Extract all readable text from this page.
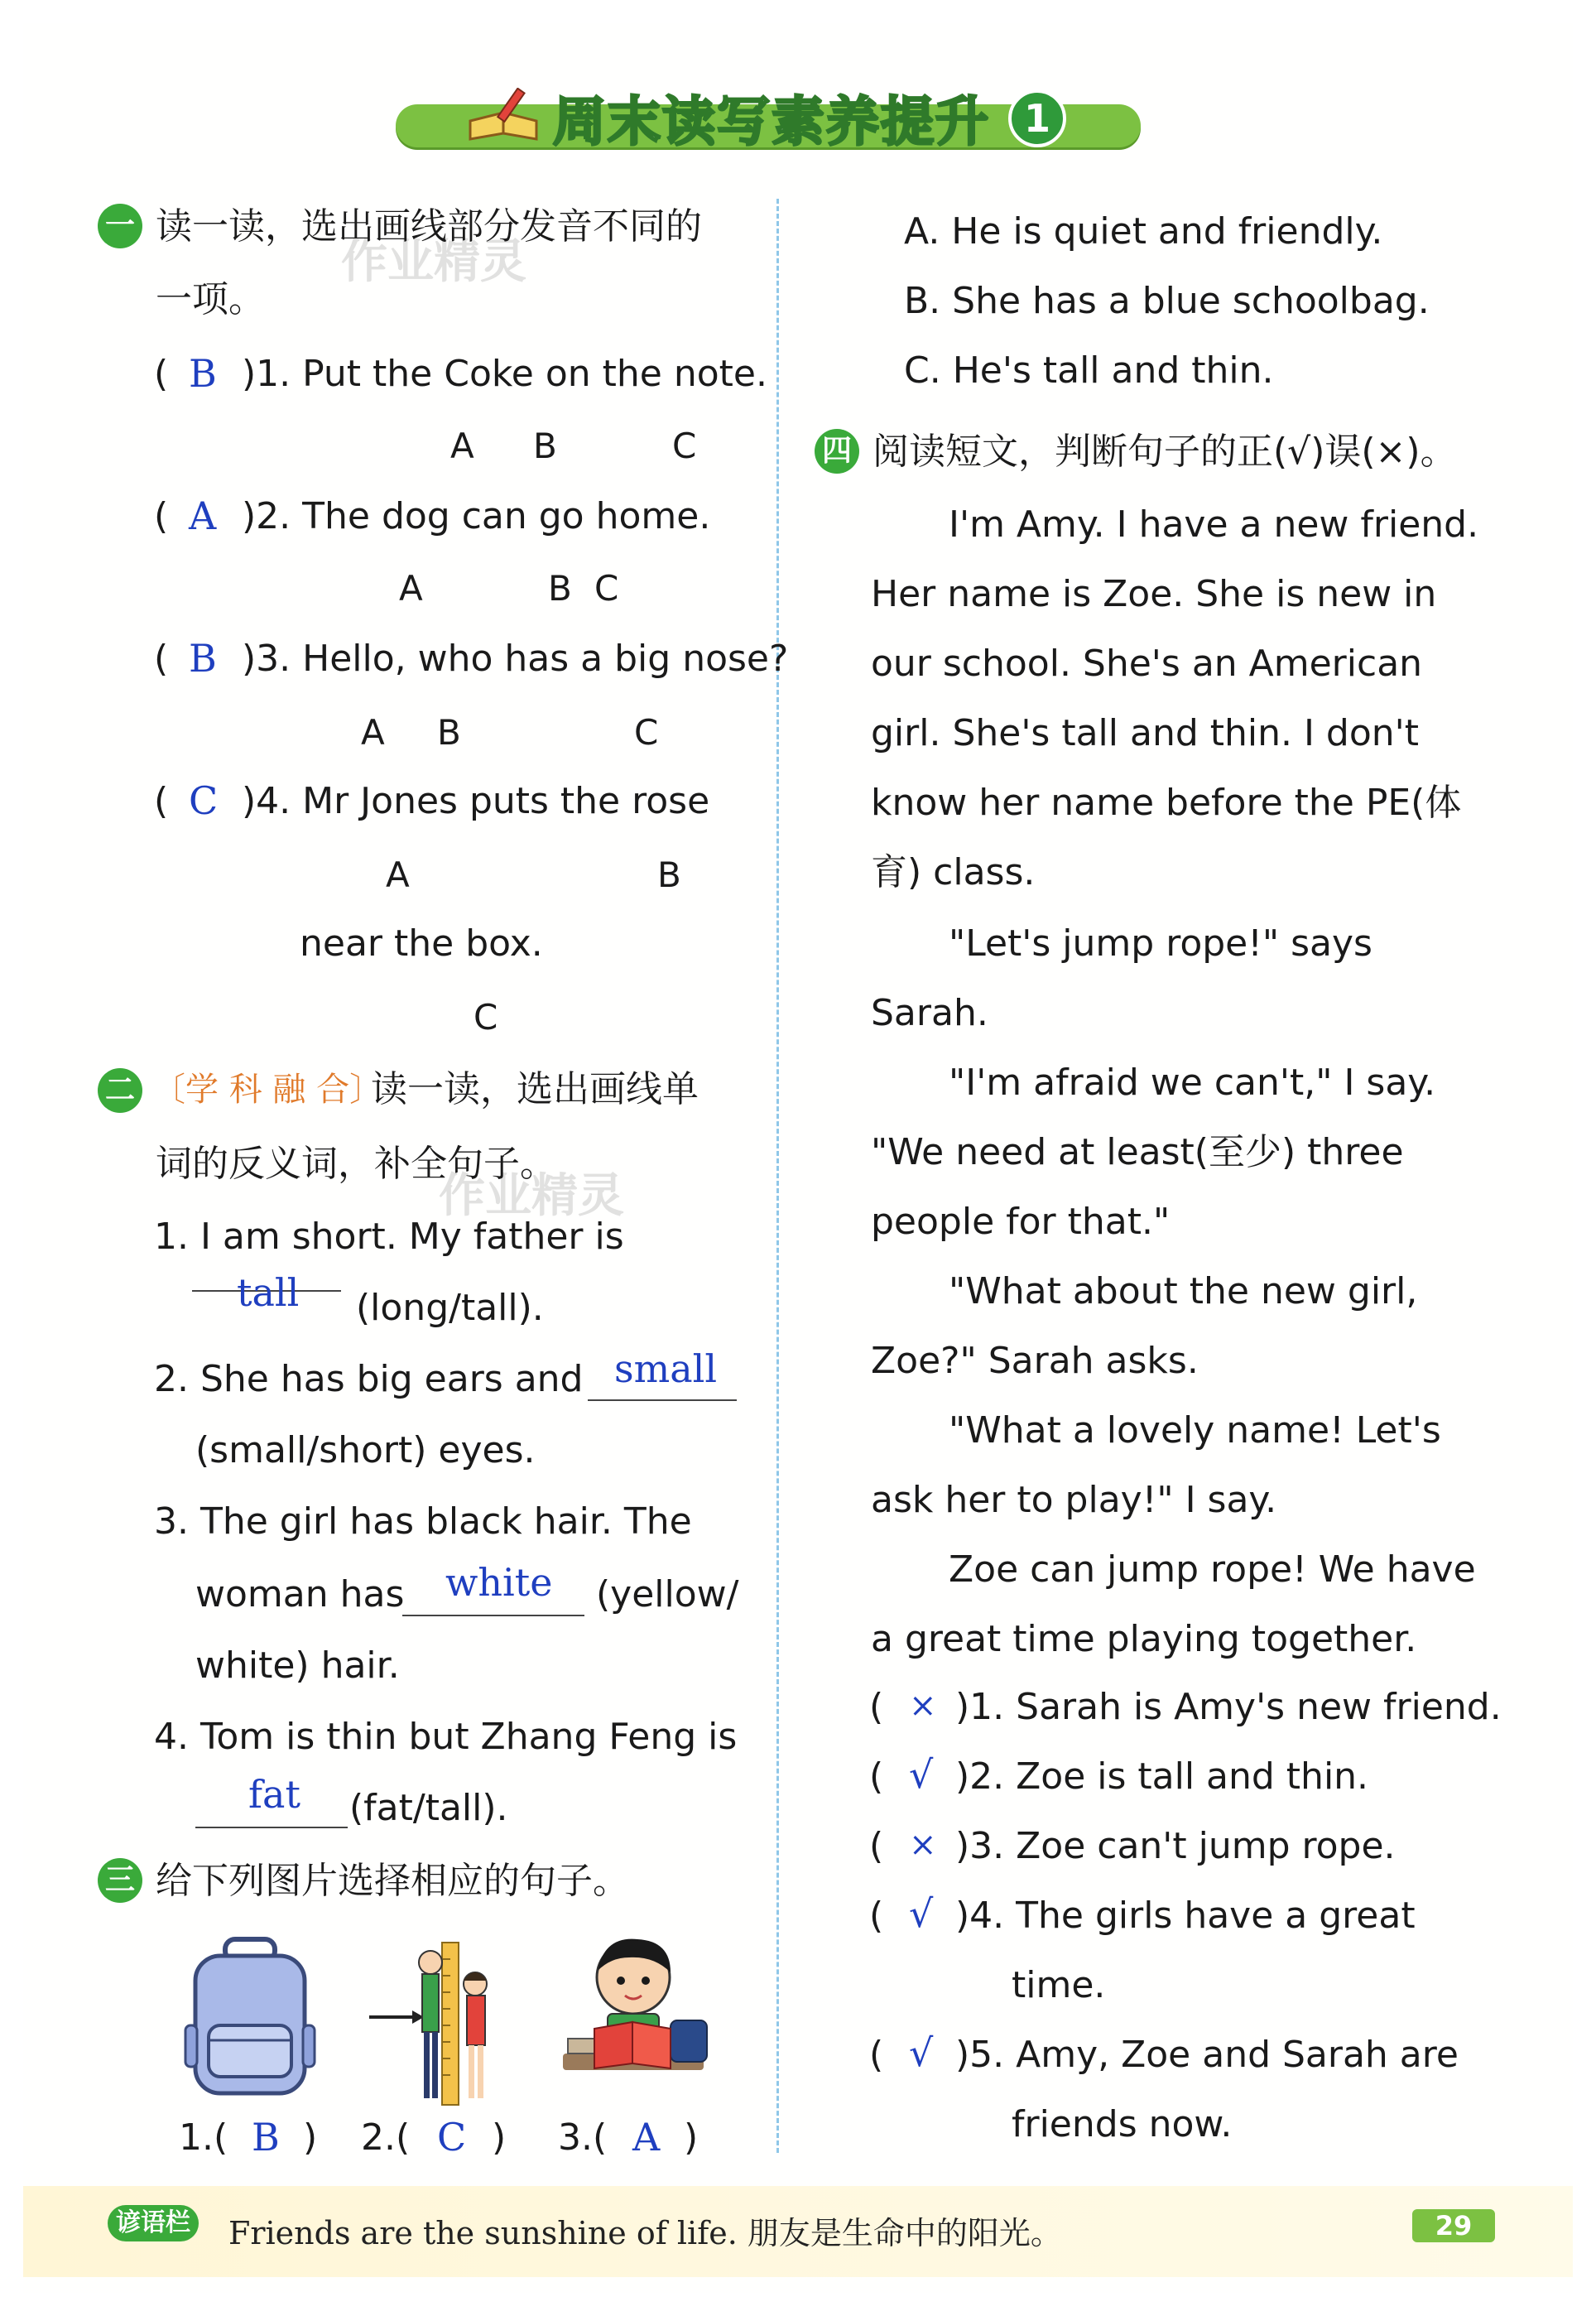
周末读写素养提升 1
作业精灵
作业精灵
一 读一读，选出画线部分发音不同的
一项。
( B )1. Put the Coke on the note.
A B	C
( A )2. The dog can go home.
A	B C
( B )3. Hello, who has a big nose?
A B	C
( C )4. Mr Jones puts the rose
A	B
near the box.
C
二 〔学 科 融 合〕
读一读，选出画线单
词的反义词，补全句子。
1. I am short. My father is
tall (long/tall).
2. She has big ears and small
(small/short) eyes.
3. The girl has black hair. The
woman has white (yellow/
white) hair.
4. Tom is thin but Zhang Feng is
fat (fat/tall).
三 给下列图片选择相应的句子。
1.( B ) 2.( C ) 3.( A )
A. He is quiet and friendly.
B. She has a blue schoolbag.
C. He's tall and thin.
四 阅读短文，判断句子的正(√)误(×)。
I'm Amy. I have a new friend.
Her name is Zoe. She is new in
our school. She's an American
girl. She's tall and thin. I don't
know her name before the PE(体
育) class.
"Let's jump rope!" says
Sarah.
"I'm afraid we can't," I say.
"We need at least(至少) three
people for that."
"What about the new girl,
Zoe?" Sarah asks.
"What a lovely name! Let's
ask her to play!" I say.
Zoe can jump rope! We have
a great time playing together.
( × )1. Sarah is Amy's new friend.
( √ )2. Zoe is tall and thin.
( × )3. Zoe can't jump rope.
( √ )4. The girls have a great
time.
( √ )5. Amy, Zoe and Sarah are
friends now.
谚语栏 Friends are the sunshine of life. 朋友是生命中的阳光。	29
